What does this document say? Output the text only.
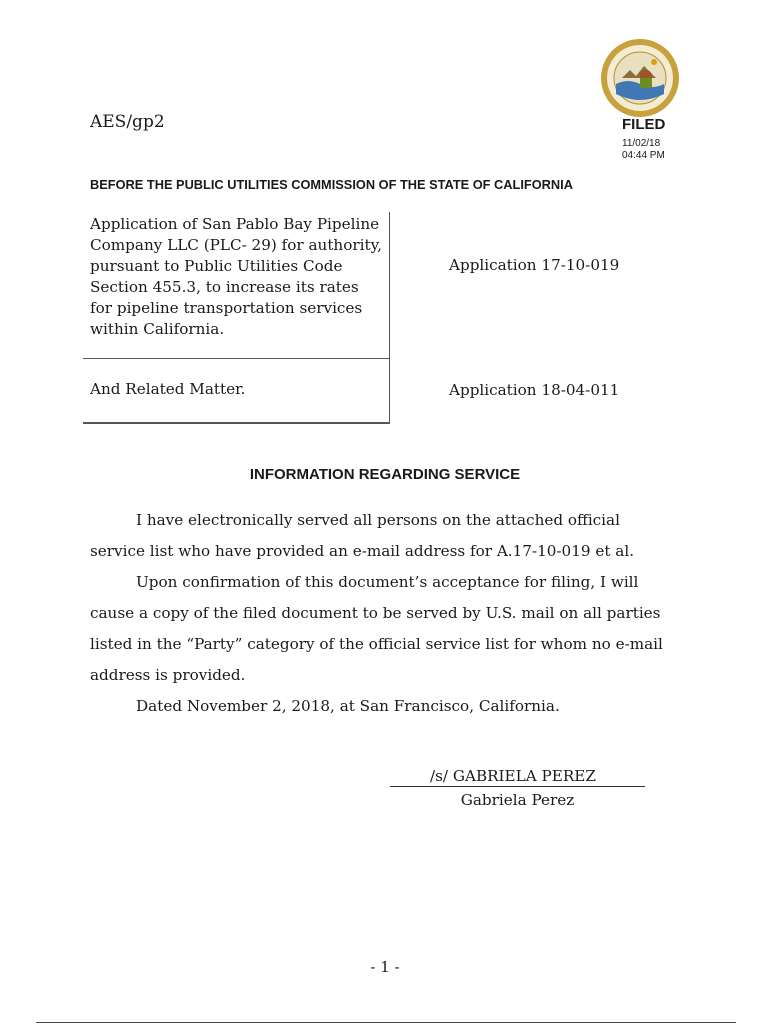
AES/gp2	FILED
11/02/18
04:44 PM
BEFORE THE PUBLIC UTILITIES COMMISSION OF THE STATE OF CALIFORNIA
Application of San Pablo Bay Pipeline Company LLC (PLC- 29) for authority, pursuant to Public Utilities Code Section 455.3, to increase its rates for pipeline transportation services within California.
Application 17-10-019
And Related Matter.	Application 18-04-011
INFORMATION REGARDING SERVICE

I have electronically served all persons on the attached official service list who have provided an e-mail address for A.17-10-019 et al.

Upon confirmation of this document’s acceptance for filing, I will cause a copy of the filed document to be served by U.S. mail on all parties listed in the “Party” category of the official service list for whom no e-mail address is provided.

Dated November 2, 2018, at San Francisco, California.

/s/ GABRIELA PEREZ
Gabriela Perez
- 1 -
